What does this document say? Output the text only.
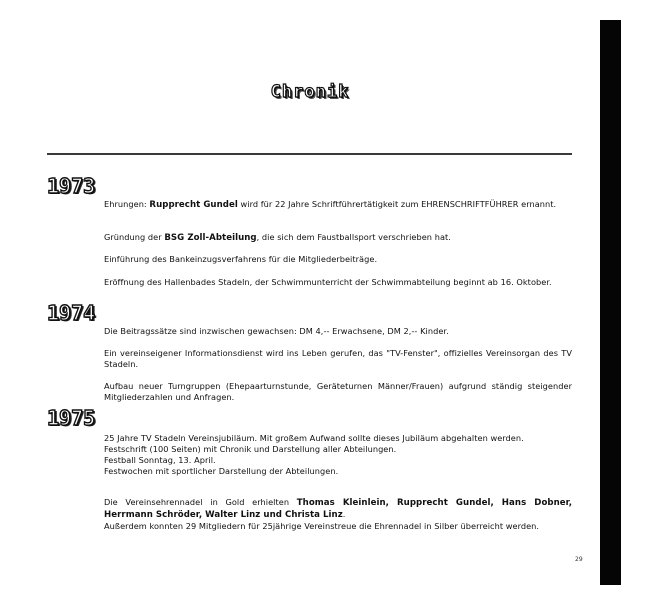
Chronik
1973
Ehrungen: Rupprecht Gundel wird für 22 Jahre Schriftführertätigkeit zum EHRENSCHRIFTFÜHRER ernannt.
Gründung der BSG Zoll-Abteilung, die sich dem Faustballsport verschrieben hat.
Einführung des Bankeinzugsverfahrens für die Mitgliederbeiträge.
Eröffnung des Hallenbades Stadeln, der Schwimmunterricht der Schwimmabteilung beginnt ab 16. Oktober.
1974
Die Beitragssätze sind inzwischen gewachsen: DM 4,-- Erwachsene, DM 2,-- Kinder.
Ein vereinseigener Informationsdienst wird ins Leben gerufen, das "TV-Fenster", offizielles Vereinsorgan des TV Stadeln.
Aufbau neuer Turngruppen (Ehepaarturnstunde, Geräteturnen Männer/Frauen) aufgrund ständig steigender Mitgliederzahlen und Anfragen.
1975
25 Jahre TV Stadeln Vereinsjubiläum. Mit großem Aufwand sollte dieses Jubiläum abgehalten werden.
Festschrift (100 Seiten) mit Chronik und Darstellung aller Abteilungen.
Festball Sonntag, 13. April.
Festwochen mit sportlicher Darstellung der Abteilungen.
Die Vereinsehrennadel in Gold erhielten Thomas Kleinlein, Rupprecht Gundel, Hans Dobner, Herrmann Schröder, Walter Linz und Christa Linz.
Außerdem konnten 29 Mitgliedern für 25jährige Vereinstreue die Ehrennadel in Silber überreicht werden.
29
